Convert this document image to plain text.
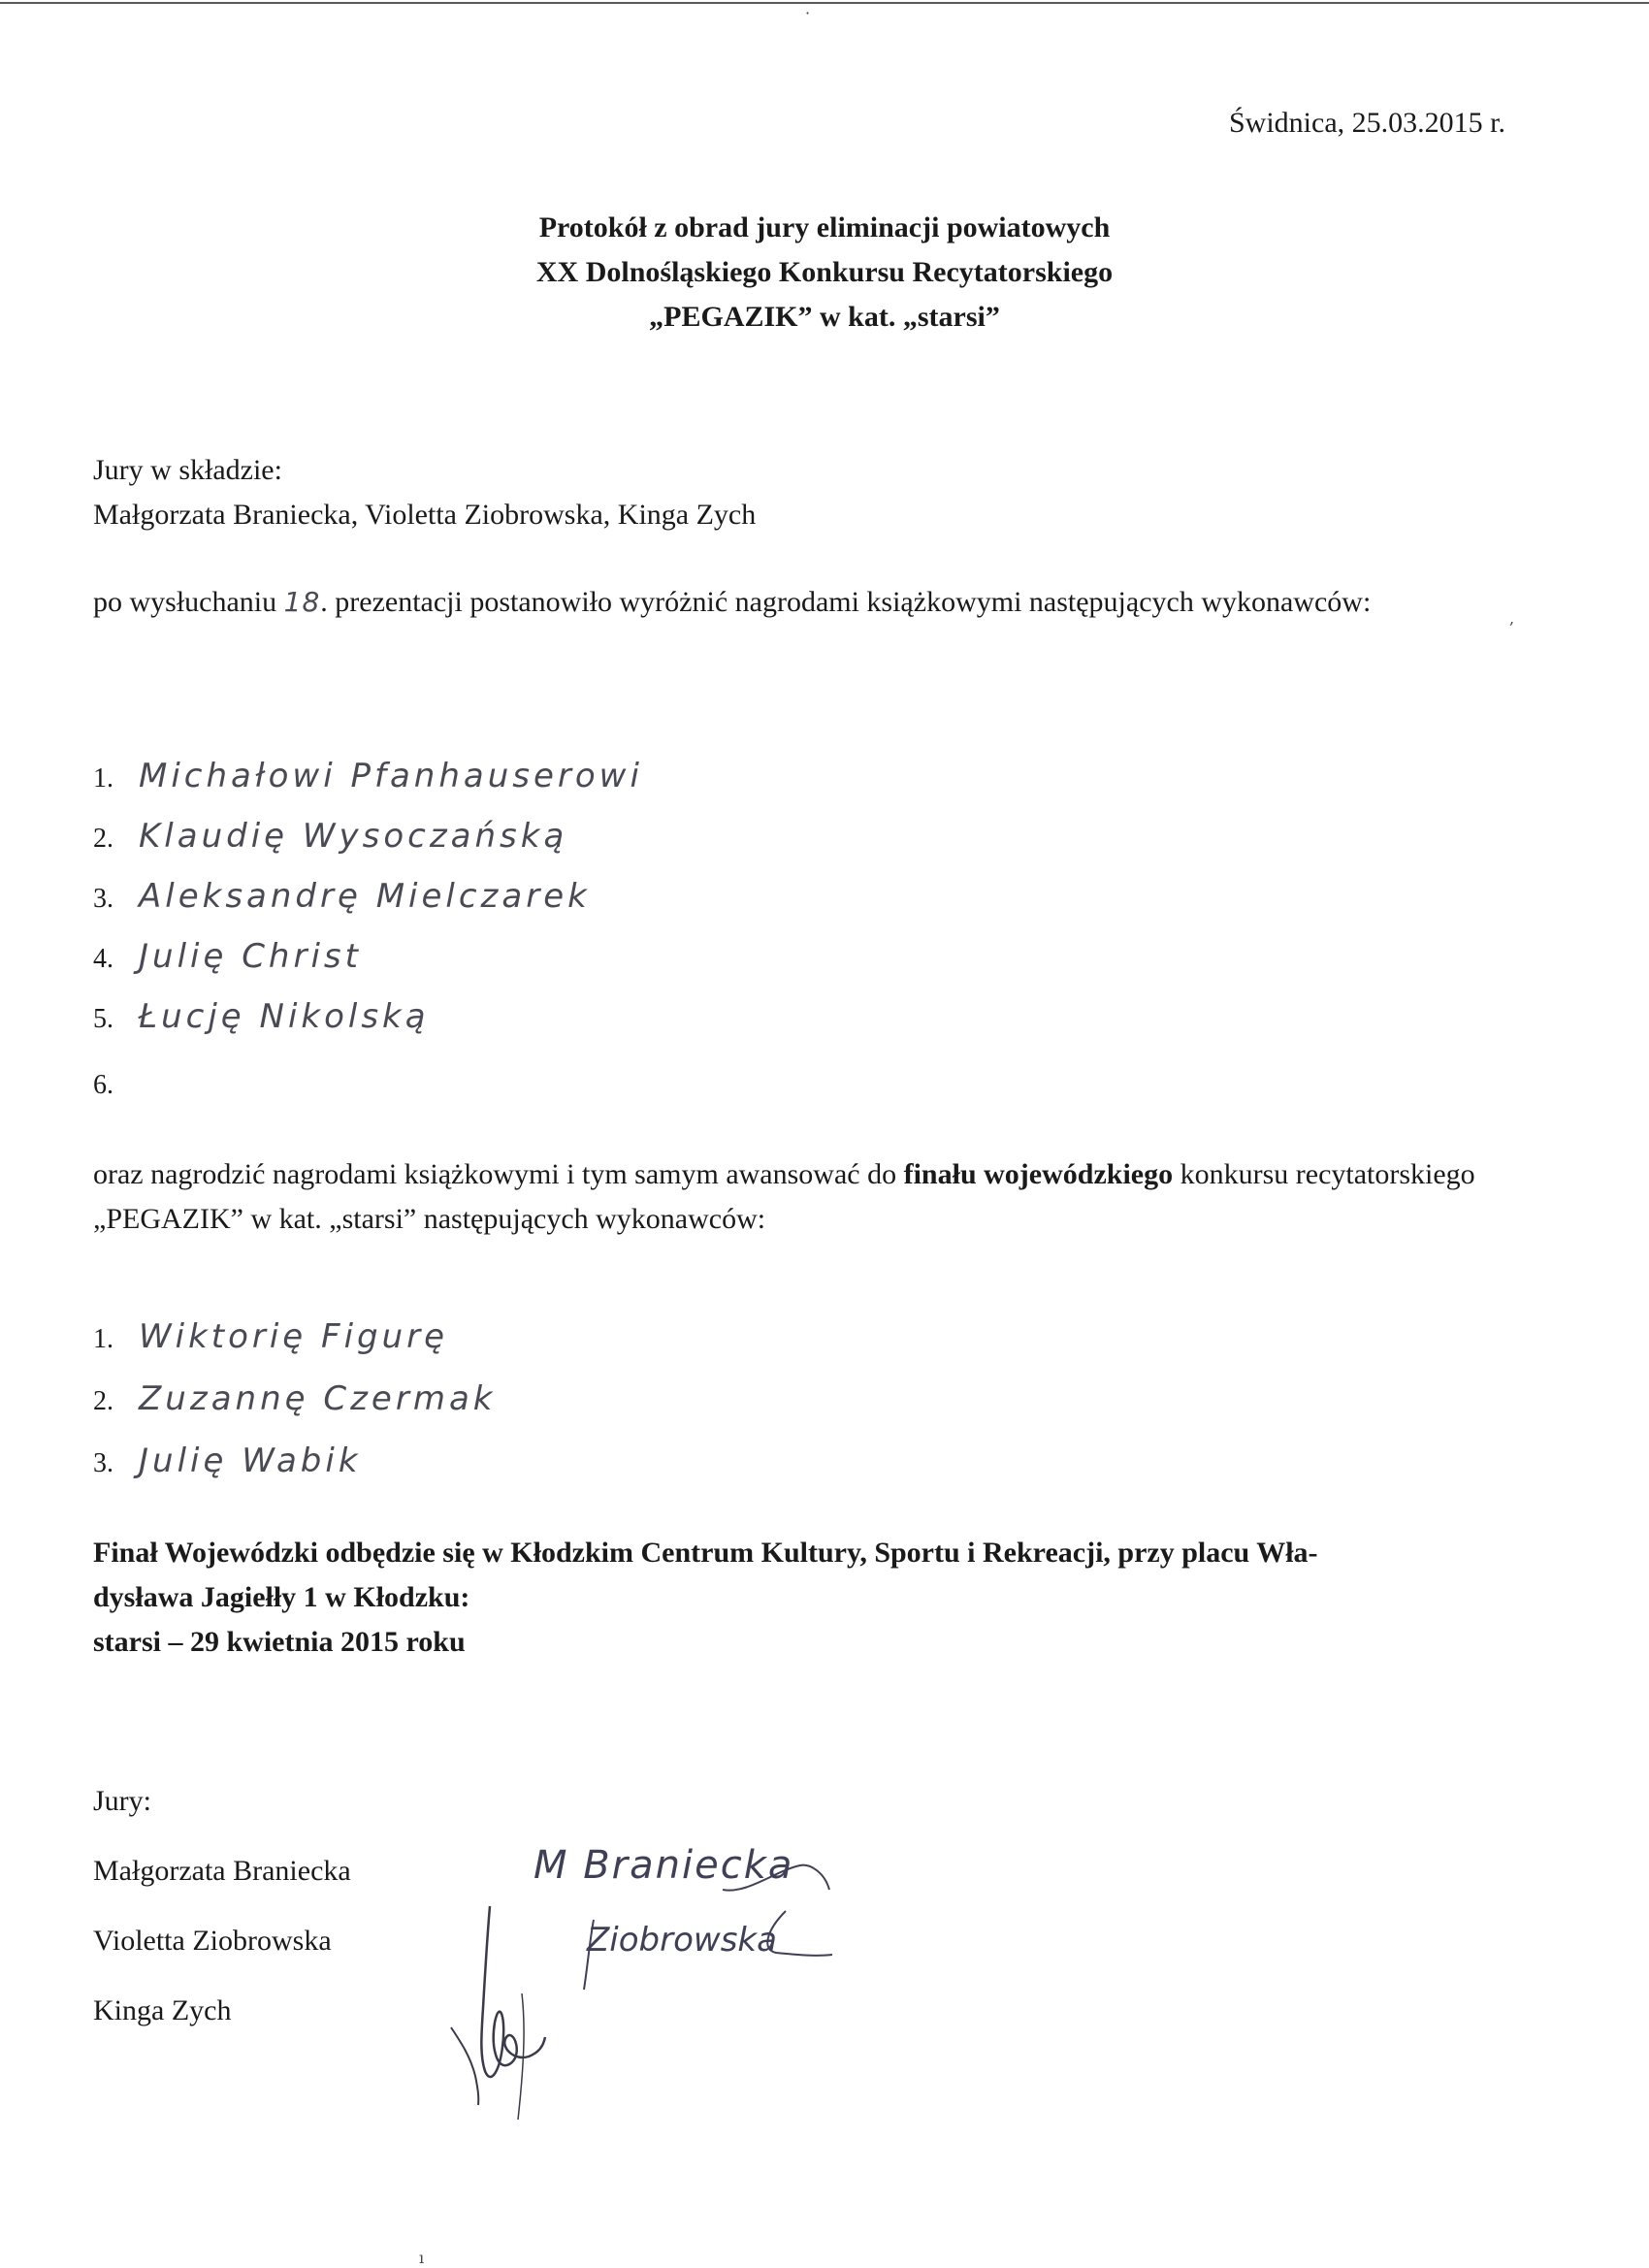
·
,
ı
Świdnica, 25.03.2015 r.
Protokół z obrad jury eliminacji powiatowych
XX Dolnośląskiego Konkursu Recytatorskiego
„PEGAZIK” w kat. „starsi”
Jury w składzie:
Małgorzata Braniecka, Violetta Ziobrowska, Kinga Zych
po wysłuchaniu 18. prezentacji postanowiło wyróżnić nagrodami książkowymi następujących wykonawców:
1. Michałowi Pfanhauserowi
2. Klaudię Wysoczańską
3. Aleksandrę Mielczarek
4. Julię Christ
5. Łucję Nikolską
6.
oraz nagrodzić nagrodami książkowymi i tym samym awansować do finału wojewódzkiego konkursu recytatorskiego „PEGAZIK” w kat. „starsi” następujących wykonawców:
1. Wiktorię Figurę
2. Zuzannę Czermak
3. Julię Wabik
Finał Wojewódzki odbędzie się w Kłodzkim Centrum Kultury, Sportu i Rekreacji, przy placu Wła-
dysława Jagiełły 1 w Kłodzku:
starsi – 29 kwietnia 2015 roku
Jury:
Małgorzata Braniecka
Violetta Ziobrowska
Kinga Zych
M Braniecka
Ziobrowska
